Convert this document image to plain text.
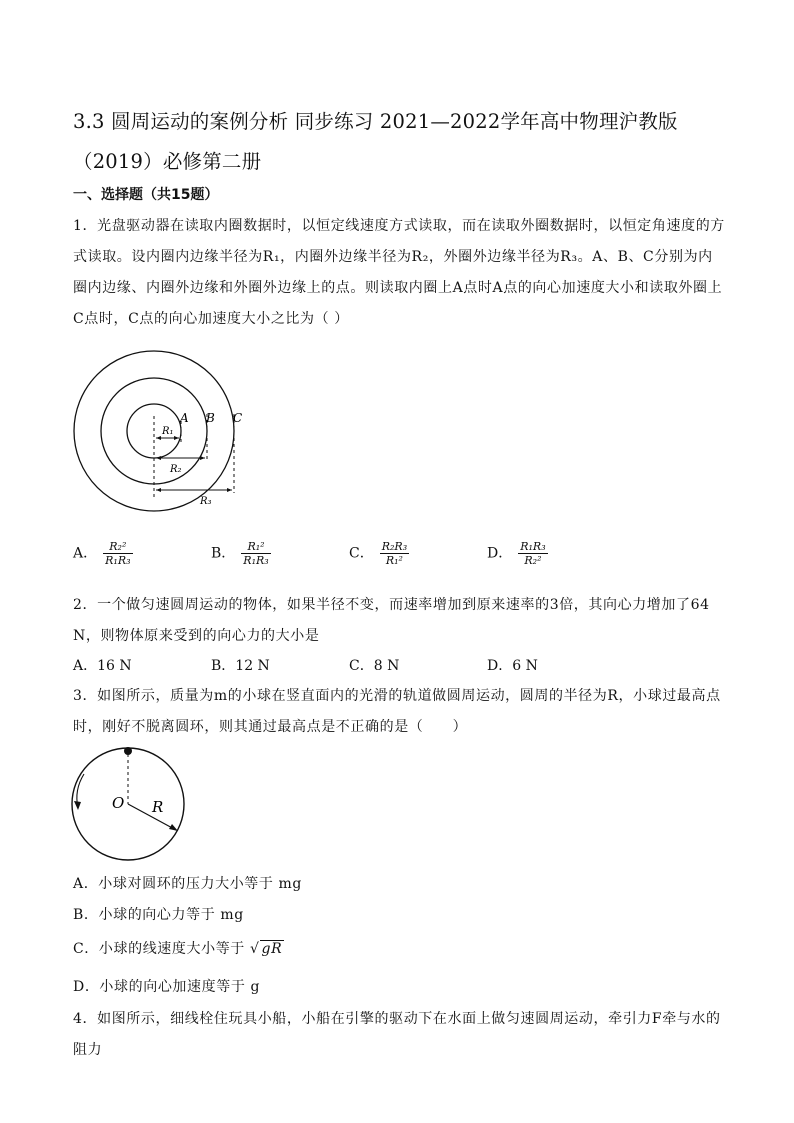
3.3 圆周运动的案例分析 同步练习 2021—2022学年高中物理沪教版（2019）必修第二册
一、选择题（共15题）
1．光盘驱动器在读取内圈数据时，以恒定线速度方式读取，而在读取外圈数据时，以恒定角速度的方式读取。设内圈内边缘半径为R₁，内圈外边缘半径为R₂，外圈外边缘半径为R₃。A、B、C分别为内圈内边缘、内圈外边缘和外圈外边缘上的点。则读取内圈上A点时A点的向心加速度大小和读取外圈上C点时，C点的向心加速度大小之比为（ ）
A B C
R₁
R₂
R₃
A． $\frac{\text{R₂²}}{\text{R₁R₃}}$	B． $\frac{\text{R₁²}}{\text{R₁R₃}}$	C． $\frac{\text{R₂R₃}}{\text{R₁²}}$	D． $\frac{\text{R₁R₃}}{\text{R₂²}}$
2．一个做匀速圆周运动的物体，如果半径不变，而速率增加到原来速率的3倍，其向心力增加了64 N，则物体原来受到的向心力的大小是
A．16 N	B．12 N	C．8 N	D．6 N
3．如图所示，质量为m的小球在竖直面内的光滑的轨道做圆周运动，圆周的半径为R，小球过最高点时，刚好不脱离圆环，则其通过最高点是不正确的是（　　）
O R
A．小球对圆环的压力大小等于 mg
B．小球的向心力等于 mg
C．小球的线速度大小等于 √ gR
D．小球的向心加速度等于 g
4．如图所示，细线栓住玩具小船，小船在引擎的驱动下在水面上做匀速圆周运动，牵引力F牵与水的阻力
